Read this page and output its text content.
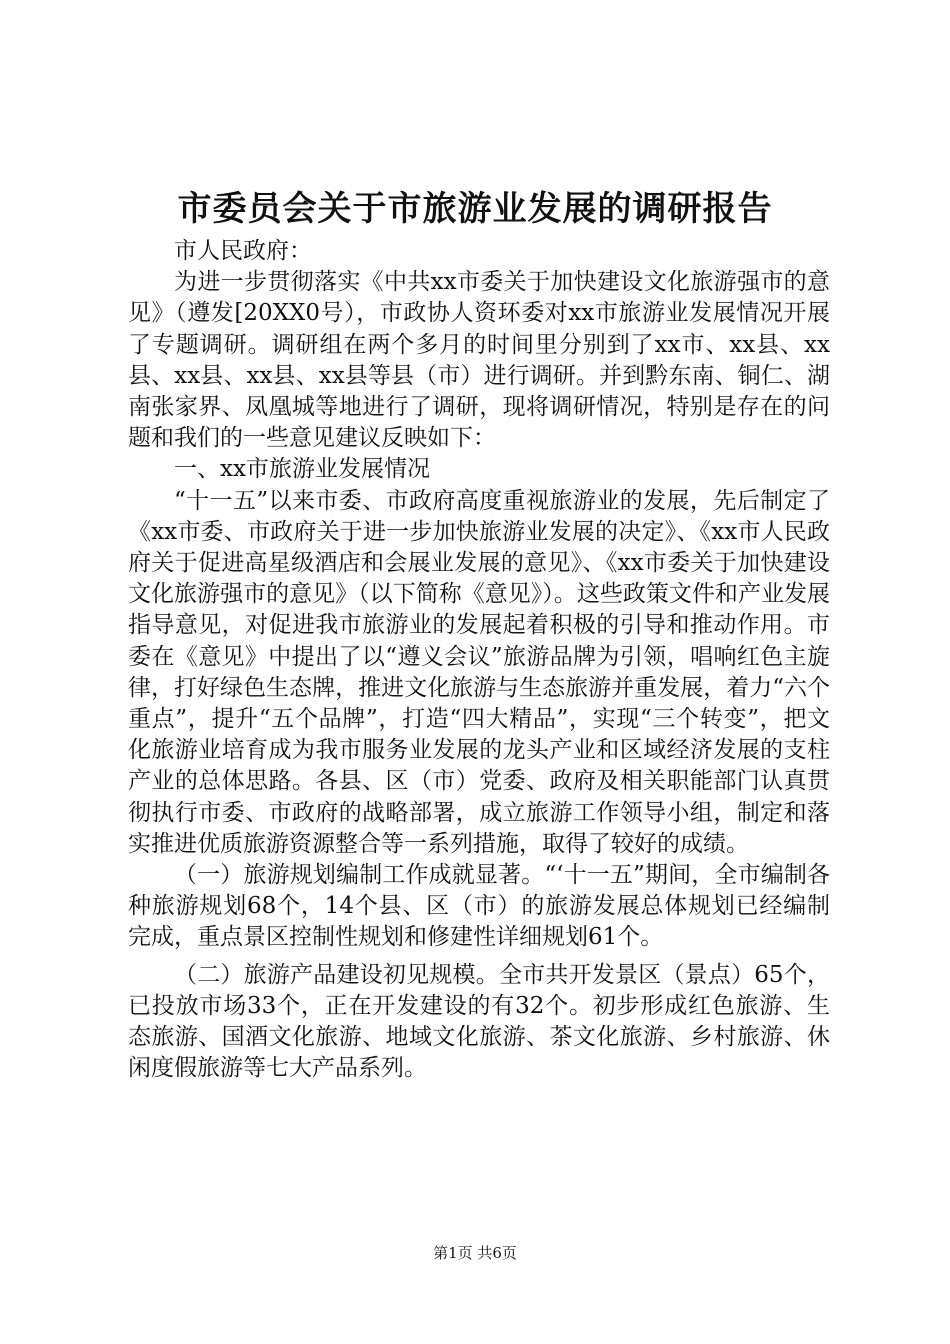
市委员会关于市旅游业发展的调研报告

市人民政府：

为进一步贯彻落实《中共xx市委关于加快建设文化旅游强市的意见》（遵发[20XX0号），市政协人资环委对xx市旅游业发展情况开展了专题调研。调研组在两个多月的时间里分别到了xx市、xx县、xx县、xx县、xx县、xx县等县（市）进行调研。并到黔东南、铜仁、湖南张家界、凤凰城等地进行了调研，现将调研情况，特别是存在的问题和我们的一些意见建议反映如下：

一、xx市旅游业发展情况

“十一五”以来市委、市政府高度重视旅游业的发展，先后制定了《xx市委、市政府关于进一步加快旅游业发展的决定》、《xx市人民政府关于促进高星级酒店和会展业发展的意见》、《xx市委关于加快建设文化旅游强市的意见》（以下简称《意见》）。这些政策文件和产业发展指导意见，对促进我市旅游业的发展起着积极的引导和推动作用。市委在《意见》中提出了以“遵义会议”旅游品牌为引领，唱响红色主旋律，打好绿色生态牌，推进文化旅游与生态旅游并重发展，着力“六个重点”，提升“五个品牌”，打造“四大精品”，实现“三个转变”，把文化旅游业培育成为我市服务业发展的龙头产业和区域经济发展的支柱产业的总体思路。各县、区（市）党委、政府及相关职能部门认真贯彻执行市委、市政府的战略部署，成立旅游工作领导小组，制定和落实推进优质旅游资源整合等一系列措施，取得了较好的成绩。

（一）旅游规划编制工作成就显著。“‘十一五”期间，全市编制各种旅游规划68个，14个县、区（市）的旅游发展总体规划已经编制完成，重点景区控制性规划和修建性详细规划61个。

（二）旅游产品建设初见规模。全市共开发景区（景点）65个，已投放市场33个，正在开发建设的有32个。初步形成红色旅游、生态旅游、国酒文化旅游、地域文化旅游、茶文化旅游、乡村旅游、休闲度假旅游等七大产品系列。

第1页 共6页
